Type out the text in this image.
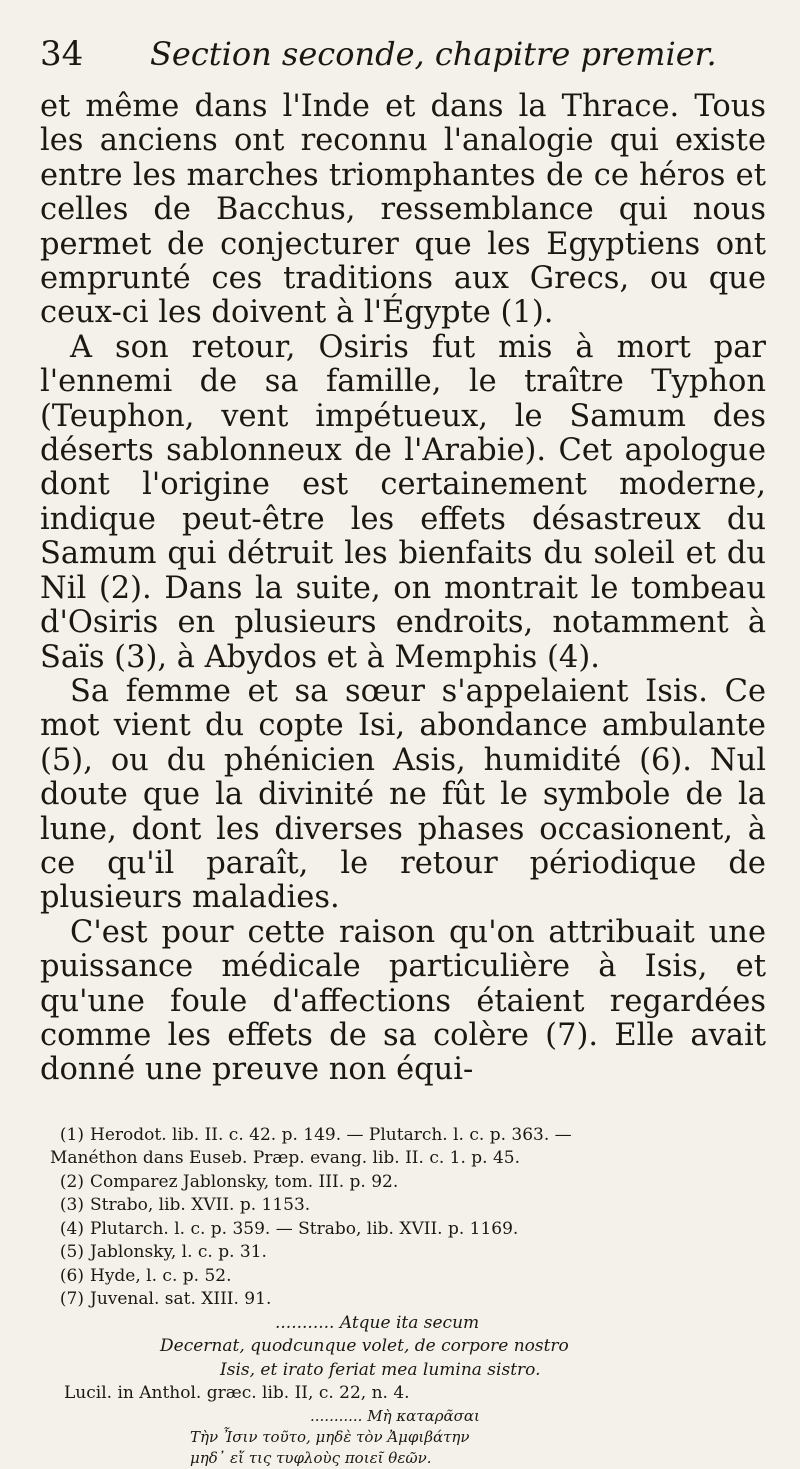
34	Section seconde, chapitre premier.

et même dans l'Inde et dans la Thrace. Tous les anciens ont reconnu l'analogie qui existe entre les marches triomphantes de ce héros et celles de Bacchus, ressemblance qui nous permet de conjecturer que les Egyptiens ont emprunté ces traditions aux Grecs, ou que ceux-ci les doivent à l'Égypte (1).

A son retour, Osiris fut mis à mort par l'ennemi de sa famille, le traître Typhon (Teuphon, vent impétueux, le Samum des déserts sablonneux de l'Arabie). Cet apologue dont l'origine est certainement moderne, indique peut-être les effets désastreux du Samum qui détruit les bienfaits du soleil et du Nil (2). Dans la suite, on montrait le tombeau d'Osiris en plusieurs endroits, notamment à Saïs (3), à Abydos et à Memphis (4).

Sa femme et sa sœur s'appelaient Isis. Ce mot vient du copte Isi, abondance ambulante (5), ou du phénicien Asis, humidité (6). Nul doute que la divinité ne fût le symbole de la lune, dont les diverses phases occasionent, à ce qu'il paraît, le retour périodique de plusieurs maladies.

C'est pour cette raison qu'on attribuait une puissance médicale particulière à Isis, et qu'une foule d'affections étaient regardées comme les effets de sa colère (7). Elle avait donné une preuve non équi-

(1) Herodot. lib. II. c. 42. p. 149. — Plutarch. l. c. p. 363. —
Manéthon dans Euseb. Præp. evang. lib. II. c. 1. p. 45.
(2) Comparez Jablonsky, tom. III. p. 92.
(3) Strabo, lib. XVII. p. 1153.
(4) Plutarch. l. c. p. 359. — Strabo, lib. XVII. p. 1169.
(5) Jablonsky, l. c. p. 31.
(6) Hyde, l. c. p. 52.
(7) Juvenal. sat. XIII. 91.
........... Atque ita secum
Decernat, quodcunque volet, de corpore nostro
Isis, et irato feriat mea lumina sistro.
Lucil. in Anthol. græc. lib. II, c. 22, n. 4.
........... Μὴ καταρᾶσαι
Τὴν Ἶσιν τοῦτο, μηδὲ τὸν Ἀμφιβάτην
μηδ᾽ εἴ τις τυφλοὺς ποιεῖ θεῶν.
